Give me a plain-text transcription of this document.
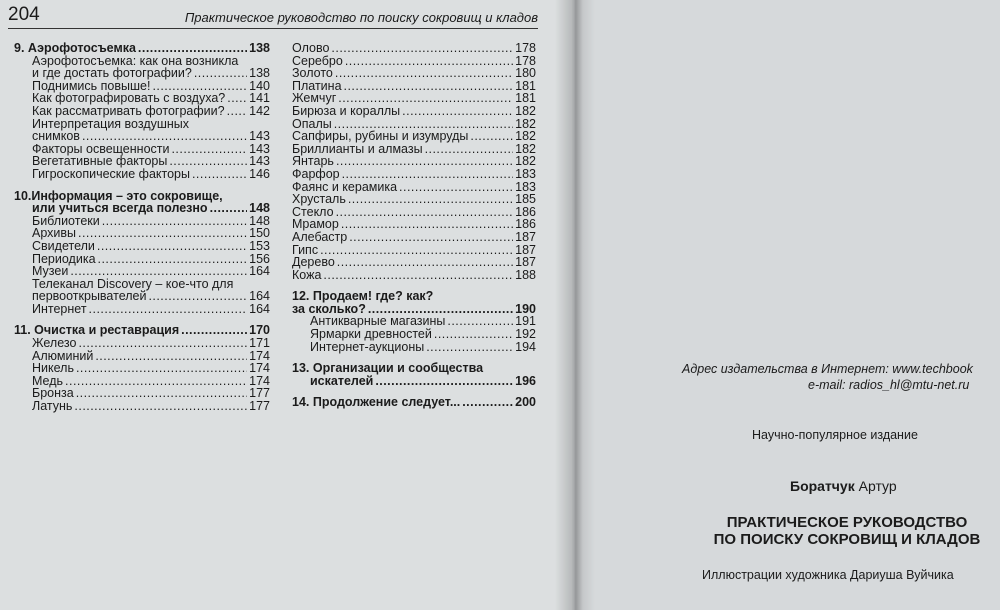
204	Практическое руководство по поиску сокровищ и кладов
9. Аэрофотосъемка . . .	138
Аэрофотосъемка: как она возникла
и где достать фотографии? . . .	138
Поднимись повыше! . . .	140
Как фотографировать с воздуха? . . . 141
Как рассматривать фотографии? . . . 142
Интерпретация воздушных
снимков . . .	143
Факторы освещенности . . .	143
Вегетативные факторы . . .	143
Гигроскопические факторы . . .	146
10.Информация – это сокровище,
или учиться всегда полезно . . .	148
Библиотеки . . .	148
Архивы . . .	150
Свидетели . . .	153
Периодика . . .	156
Музеи . . .	164
Телеканал Discovery – кое-что для
первооткрывателей . . .	164
Интернет . . .	164
11. Очистка и реставрация . . .	170
Железо . . .	171
Алюминий . . .	174
Никель . . .	174
Медь . . .	174
Бронза . . .	177
Латунь . . .	177
Олово . . .	178
Серебро . . .	178
Золото . . .	180
Платина . . .	181
Жемчуг . . .	181
Бирюза и кораллы . . .	182
Опалы . . .	182
Сапфиры, рубины и изумруды . . .	182
Бриллианты и алмазы . . .	182
Янтарь . . .	182
Фарфор . . .	183
Фаянс и керамика . . .	183
Хрусталь . . .	185
Стекло . . .	186
Мрамор . . .	186
Алебастр . . .	187
Гипс . . .	187
Дерево . . .	187
Кожа . . .	188
12. Продаем! где? как?
за сколько? . . .	190
Антикварные магазины . . .	191
Ярмарки древностей . . .	192
Интернет-аукционы . . .	194
13. Организации и сообщества
искателей . . .	196
14. Продолжение следует... . . .	200
Адрес издательства в Интернет: www.techbook
e-mail: radios_hl@mtu-net.ru
Научно-популярное издание
Боратчук Артур
ПРАКТИЧЕСКОЕ РУКОВОДСТВО
ПО ПОИСКУ СОКРОВИЩ И КЛАДОВ
Иллюстрации художника Дариуша Вуйчика
